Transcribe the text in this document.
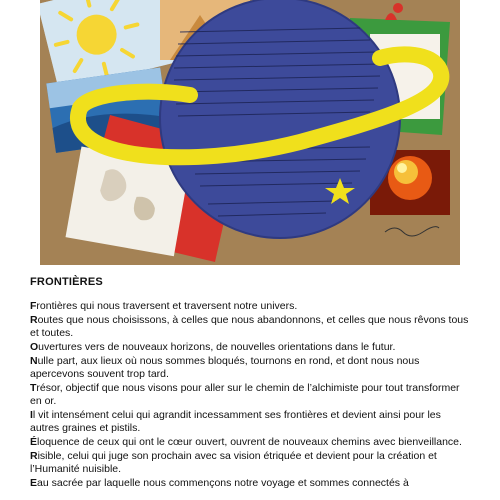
FRONTIÈRES

Frontières qui nous traversent et traversent notre univers.

Routes que nous choisissons, à celles que nous abandonnons, et celles que nous rêvons tous et toutes.

Ouvertures vers de nouveaux horizons, de nouvelles orientations dans le futur.

Nulle part, aux lieux où nous sommes bloqués, tournons en rond, et dont nous nous apercevons souvent trop tard.

Trésor, objectif que nous visons pour aller sur le chemin de l’alchimiste pour tout transformer en or.

Il vit intensément celui qui agrandit incessamment ses frontières et devient ainsi pour les autres graines et pistils.

Éloquence de ceux qui ont le cœur ouvert, ouvrent de nouveaux chemins avec bienveillance.

Risible, celui qui juge son prochain avec sa vision étriquée et devient pour la création et l’Humanité nuisible.

Eau sacrée par laquelle nous commençons notre voyage et sommes connectés à
